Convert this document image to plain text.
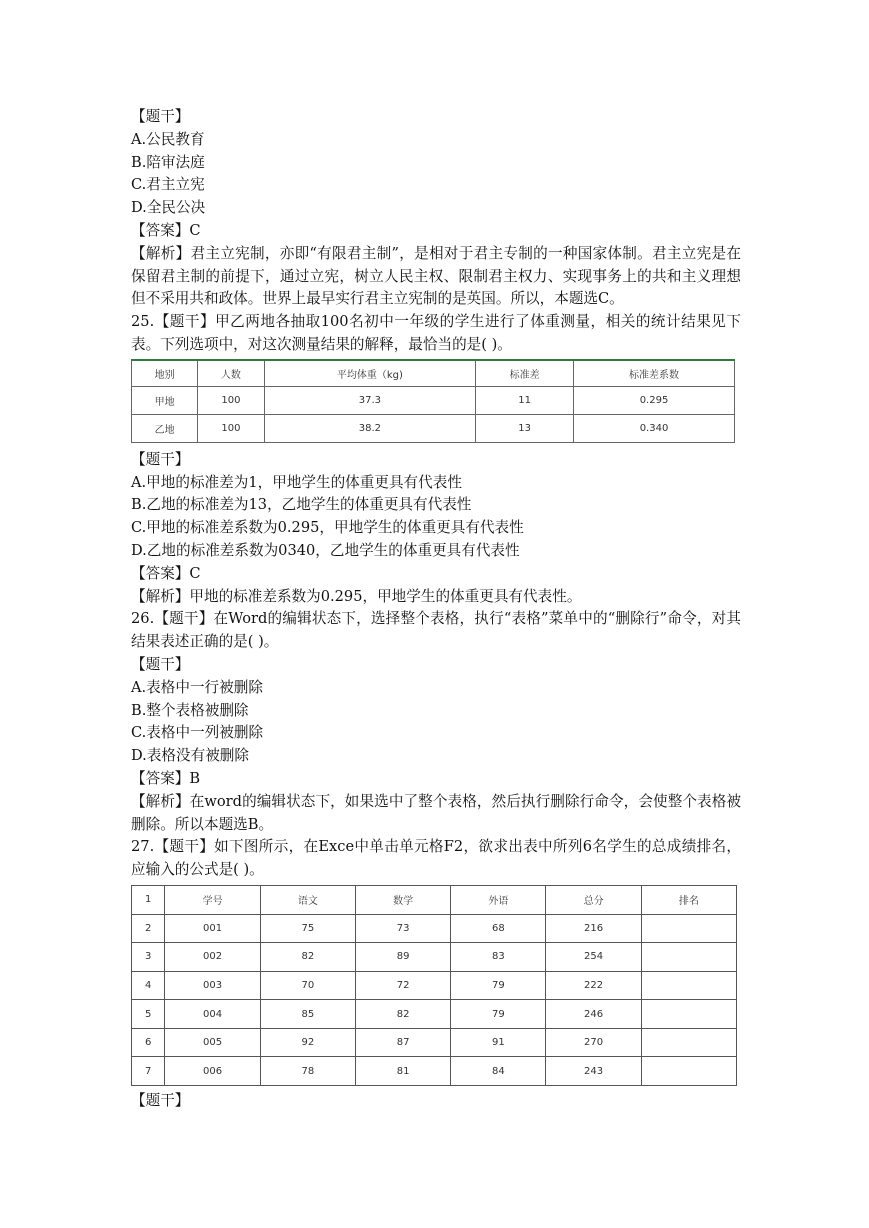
【题干】
A.公民教育
B.陪审法庭
C.君主立宪
D.全民公决
【答案】C
【解析】君主立宪制，亦即“有限君主制”，是相对于君主专制的一种国家体制。君主立宪是在保留君主制的前提下，通过立宪，树立人民主权、限制君主权力、实现事务上的共和主义理想但不采用共和政体。世界上最早实行君主立宪制的是英国。所以，本题选C。
25.【题干】甲乙两地各抽取100名初中一年级的学生进行了体重测量，相关的统计结果见下表。下列选项中，对这次测量结果的解释，最恰当的是( )。
地别	人数	平均体重（kg)	标准差	标准差系数
甲地	100	37.3	11	0.295
乙地	100	38.2	13	0.340
【题干】
A.甲地的标准差为1，甲地学生的体重更具有代表性
B.乙地的标准差为13，乙地学生的体重更具有代表性
C.甲地的标准差系数为0.295，甲地学生的体重更具有代表性
D.乙地的标准差系数为0340，乙地学生的体重更具有代表性
【答案】C
【解析】甲地的标准差系数为0.295，甲地学生的体重更具有代表性。
26.【题干】在Word的编辑状态下，选择整个表格，执行“表格”菜单中的“删除行”命令，对其结果表述正确的是( )。
【题干】
A.表格中一行被删除
B.整个表格被删除
C.表格中一列被删除
D.表格没有被删除
【答案】B
【解析】在word的编辑状态下，如果选中了整个表格，然后执行删除行命令，会使整个表格被删除。所以本题选B。
27.【题干】如下图所示，在Exce中单击单元格F2，欲求出表中所列6名学生的总成绩排名，应输入的公式是( )。
1	学号	语文	数学	外语	总分	排名
2	001	75	73	68	216	
3	002	82	89	83	254	
4	003	70	72	79	222	
5	004	85	82	79	246	
6	005	92	87	91	270	
7	006	78	81	84	243	
【题干】
